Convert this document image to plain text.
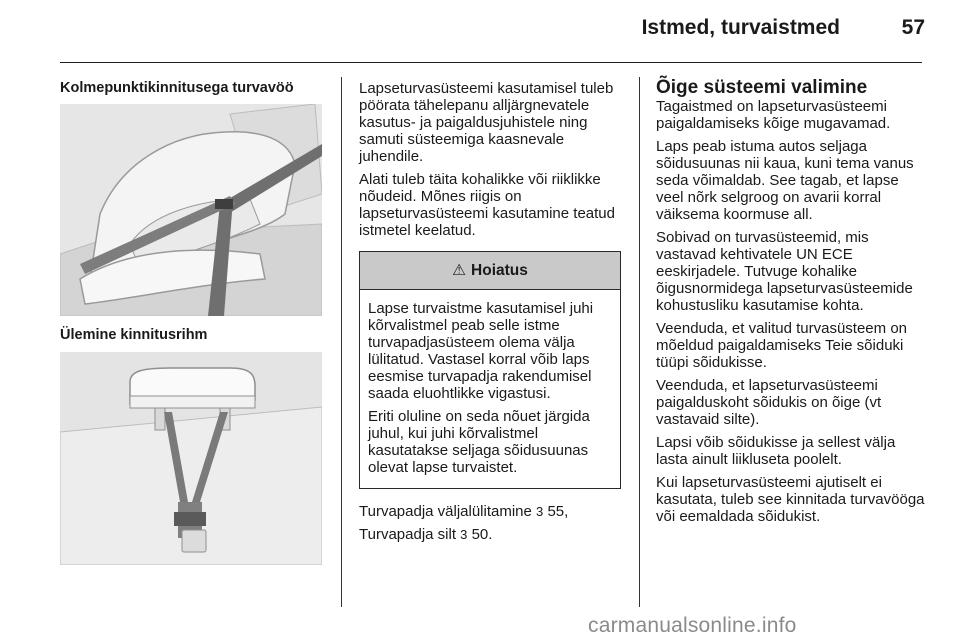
Istmed, turvaistmed	57
Kolmepunktikinnitusega turvavöö
Ülemine kinnitusrihm

Lapseturvasüsteemi kasutamisel tuleb pöörata tähelepanu alljärgnevatele kasutus- ja paigaldusjuhistele ning samuti süsteemiga kaasnevale juhendile.

Alati tuleb täita kohalikke või riiklikke nõudeid. Mõnes riigis on lapseturvasüsteemi kasutamine teatud istmetel keelatud.

⚠ Hoiatus

Lapse turvaistme kasutamisel juhi kõrvalistmel peab selle istme turvapadjasüsteem olema välja lülitatud. Vastasel korral võib laps eesmise turvapadja rakendumisel saada eluohtlikke vigastusi.

Eriti oluline on seda nõuet järgida juhul, kui juhi kõrvalistmel kasutatakse seljaga sõidusuunas olevat lapse turvaistet.

Turvapadja väljalülitamine 3 55,

Turvapadja silt 3 50.

Õige süsteemi valimine

Tagaistmed on lapseturvasüsteemi paigaldamiseks kõige mugavamad.

Laps peab istuma autos seljaga sõidusuunas nii kaua, kuni tema vanus seda võimaldab. See tagab, et lapse veel nõrk selgroog on avarii korral väiksema koormuse all.

Sobivad on turvasüsteemid, mis vastavad kehtivatele UN ECE eeskirjadele. Tutvuge kohalike õigusnormidega lapseturvasüsteemide kohustusliku kasutamise kohta.

Veenduda, et valitud turvasüsteem on mõeldud paigaldamiseks Teie sõiduki tüüpi sõidukisse.

Veenduda, et lapseturvasüsteemi paigalduskoht sõidukis on õige (vt vastavaid silte).

Lapsi võib sõidukisse ja sellest välja lasta ainult liikluseta poolelt.

Kui lapseturvasüsteemi ajutiselt ei kasutata, tuleb see kinnitada turvavööga või eemaldada sõidukist.

carmanualsonline.info
